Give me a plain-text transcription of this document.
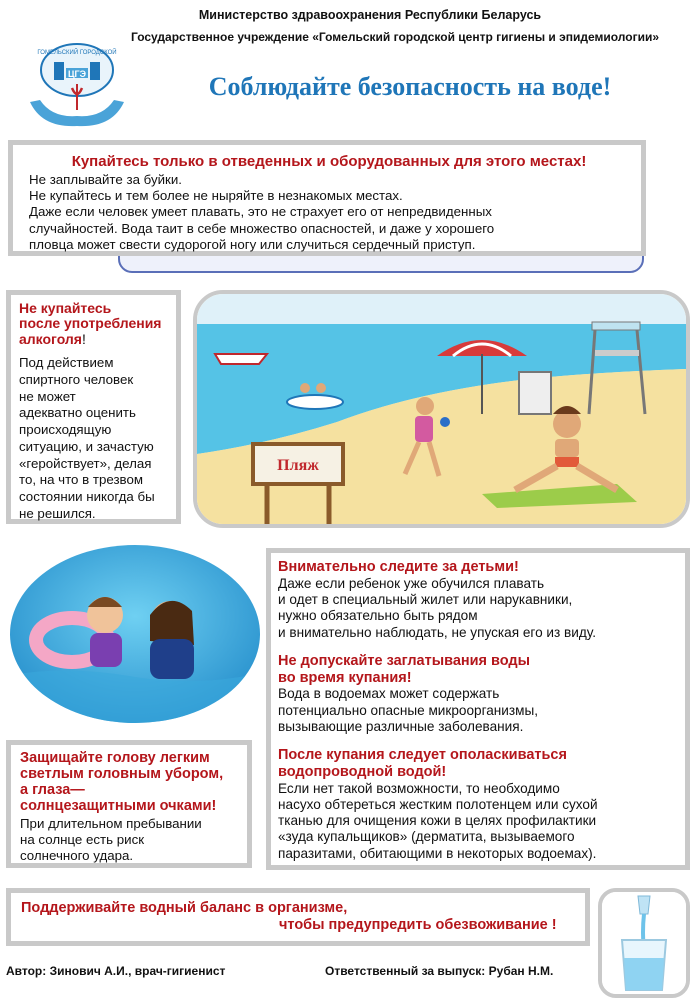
Министерство здравоохранения Республики Беларусь
Государственное учреждение «Гомельский городской центр гигиены и эпидемиологии»
ГОМЕЛЬСКИЙ ГОРОДСКОЙ
ЦГЭ	Соблюдайте безопасность на воде!
Купайтесь только в отведенных и оборудованных для этого местах!
Не заплывайте за буйки.
Не купайтесь и тем более не ныряйте в незнакомых местах.
Даже если человек умеет плавать, это не страхует его от непредвиденных
случайностей. Вода таит в себе множество опасностей, и даже у хорошего
пловца может свести судорогой ногу или случиться сердечный приступ.
Не купайтесь
после употребления
алкоголя!
Под действием
спиртного человек
не может
адекватно оценить
происходящую
ситуацию, и зачастую
«геройствует», делая
то, на что в трезвом
состоянии никогда бы
не решился.
Пляж
Внимательно следите за детьми!
Даже если ребенок уже обучился плавать
и одет в специальный жилет или нарукавники,
нужно обязательно быть рядом
и внимательно наблюдать, не упуская его из виду.
Не допускайте заглатывания воды
во время купания!
Вода в водоемах может содержать
потенциально опасные микроорганизмы,
вызывающие различные заболевания.
После купания следует ополаскиваться
водопроводной водой!
Если нет такой возможности, то необходимо
насухо обтереться жестким полотенцем или сухой
тканью для очищения кожи в целях профилактики
«зуда купальщиков» (дерматита, вызываемого
паразитами, обитающими в некоторых водоемах).
Защищайте голову легким
светлым головным убором,
а глаза—
солнцезащитными очками!
При длительном пребывании
на солнце есть риск
солнечного удара.
Поддерживайте водный баланс в организме,
чтобы предупредить обезвоживание !
Автор: Зинович А.И., врач-гигиенист	Ответственный за выпуск: Рубан Н.М.
